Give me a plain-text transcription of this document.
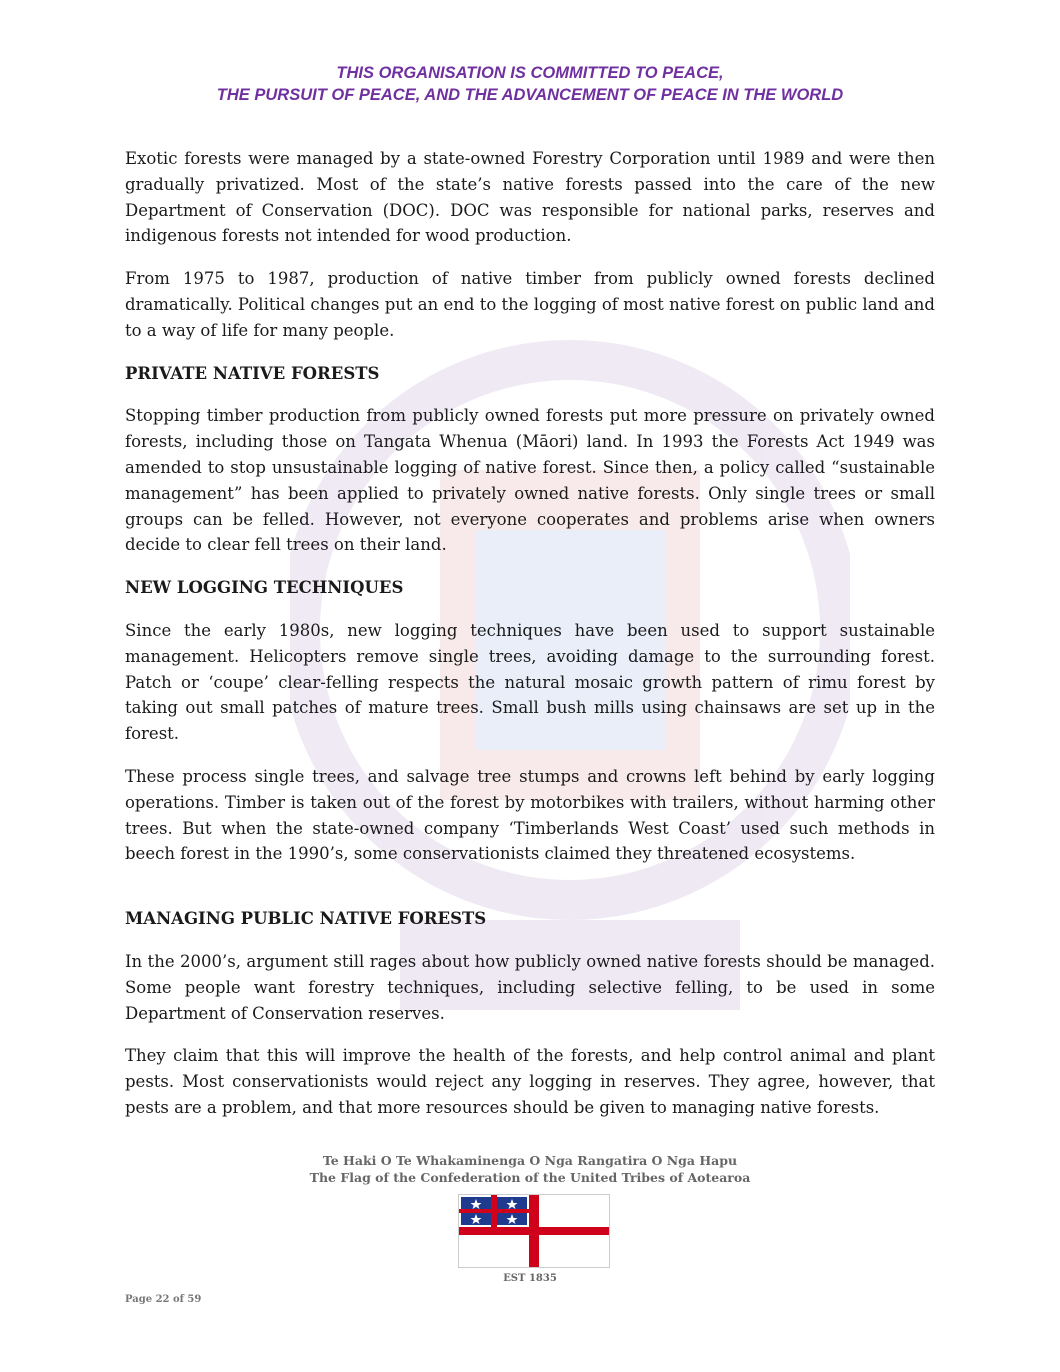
THIS ORGANISATION IS COMMITTED TO PEACE,
THE PURSUIT OF PEACE, AND THE ADVANCEMENT OF PEACE IN THE WORLD

Exotic forests were managed by a state-owned Forestry Corporation until 1989 and were then gradually privatized. Most of the state’s native forests passed into the care of the new Department of Conservation (DOC). DOC was responsible for national parks, reserves and indigenous forests not intended for wood production.

From 1975 to 1987, production of native timber from publicly owned forests declined dramatically. Political changes put an end to the logging of most native forest on public land and to a way of life for many people.

PRIVATE NATIVE FORESTS

Stopping timber production from publicly owned forests put more pressure on privately owned forests, including those on Tangata Whenua (Māori) land. In 1993 the Forests Act 1949 was amended to stop unsustainable logging of native forest. Since then, a policy called “sustainable management” has been applied to privately owned native forests. Only single trees or small groups can be felled. However, not everyone cooperates and problems arise when owners decide to clear fell trees on their land.

NEW LOGGING TECHNIQUES

Since the early 1980s, new logging techniques have been used to support sustainable management. Helicopters remove single trees, avoiding damage to the surrounding forest. Patch or ‘coupe’ clear-felling respects the natural mosaic growth pattern of rimu forest by taking out small patches of mature trees. Small bush mills using chainsaws are set up in the forest.

These process single trees, and salvage tree stumps and crowns left behind by early logging operations. Timber is taken out of the forest by motorbikes with trailers, without harming other trees. But when the state-owned company ‘Timberlands West Coast’ used such methods in beech forest in the 1990’s, some conservationists claimed they threatened ecosystems.

MANAGING PUBLIC NATIVE FORESTS

In the 2000’s, argument still rages about how publicly owned native forests should be managed. Some people want forestry techniques, including selective felling, to be used in some Department of Conservation reserves.

They claim that this will improve the health of the forests, and help control animal and plant pests. Most conservationists would reject any logging in reserves. They agree, however, that pests are a problem, and that more resources should be given to managing native forests.

Te Haki O Te Whakaminenga O Nga Rangatira O Nga Hapu
The Flag of the Confederation of the United Tribes of Aotearoa
EST 1835
Page 22 of 59
